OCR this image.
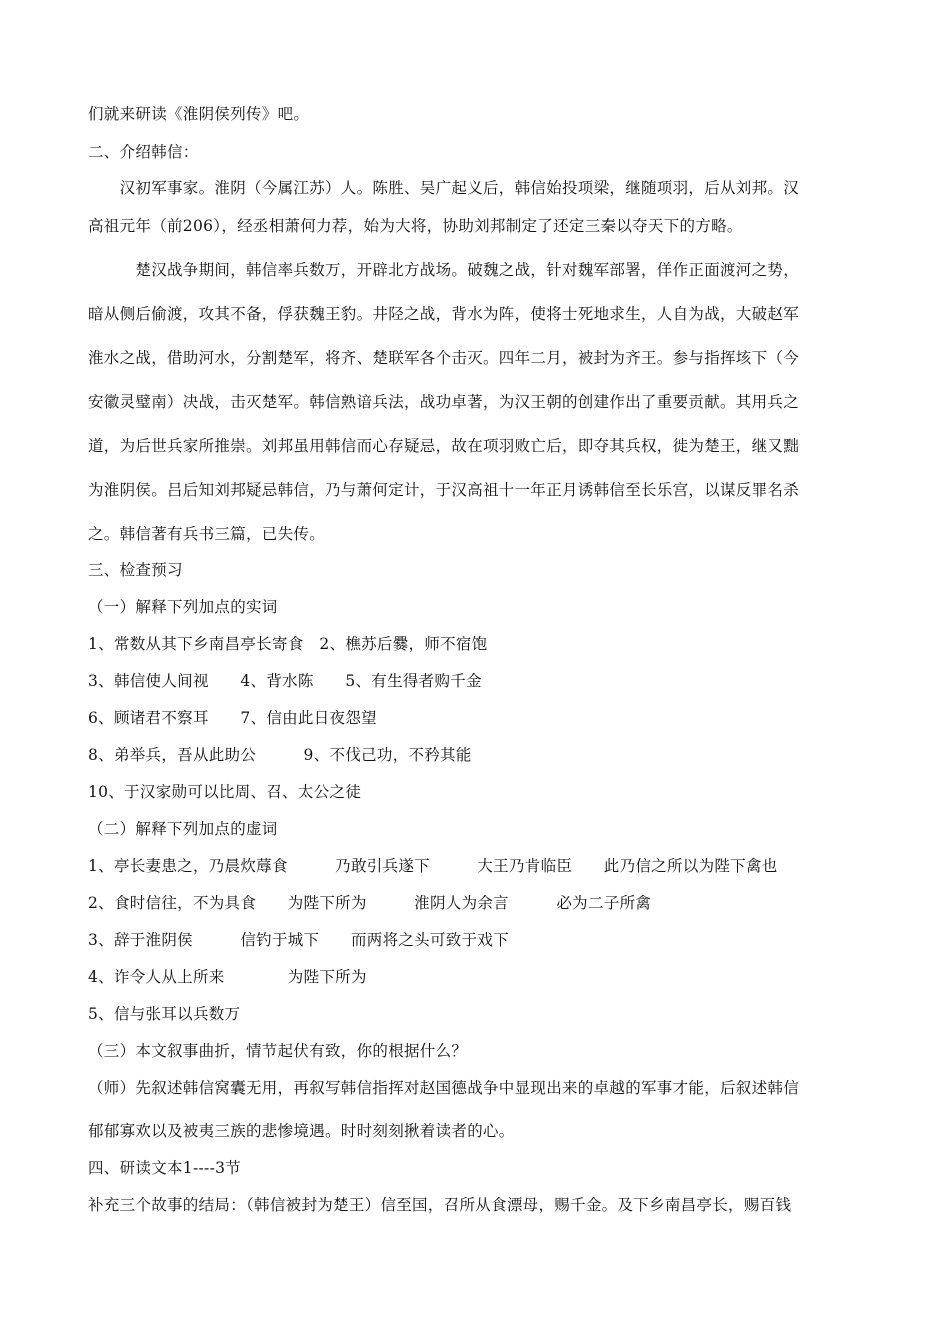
们就来研读《淮阴侯列传》吧。
二、介绍韩信：
　　汉初军事家。淮阴（今属江苏）人。陈胜、吴广起义后，韩信始投项梁，继随项羽，后从刘邦。汉
高祖元年（前206），经丞相萧何力荐，始为大将，协助刘邦制定了还定三秦以夺天下的方略。
　　　楚汉战争期间，韩信率兵数万，开辟北方战场。破魏之战，针对魏军部署，佯作正面渡河之势，
暗从侧后偷渡，攻其不备，俘获魏王豹。井陉之战，背水为阵，使将士死地求生，人自为战，大破赵军
淮水之战，借助河水，分割楚军，将齐、楚联军各个击灭。四年二月，被封为齐王。参与指挥垓下（今
安徽灵璧南）决战，击灭楚军。韩信熟谙兵法，战功卓著，为汉王朝的创建作出了重要贡献。其用兵之
道，为后世兵家所推崇。刘邦虽用韩信而心存疑忌，故在项羽败亡后，即夺其兵权，徙为楚王，继又黜
为淮阴侯。吕后知刘邦疑忌韩信，乃与萧何定计，于汉高祖十一年正月诱韩信至长乐宫，以谋反罪名杀
之。韩信著有兵书三篇，已失传。
三、检查预习
（一）解释下列加点的实词
1、常数从其下乡南昌亭长寄食　2、樵苏后爨，师不宿饱
3、韩信使人间视　　4、背水陈　　5、有生得者购千金
6、顾诸君不察耳　　7、信由此日夜怨望
8、弟举兵，吾从此助公　　　9、不伐己功，不矜其能
10、于汉家勋可以比周、召、太公之徒
（二）解释下列加点的虚词
1、亭长妻患之，乃晨炊蓐食　　　乃敢引兵遂下　　　大王乃肯临臣　　此乃信之所以为陛下禽也
2、食时信往，不为具食　　为陛下所为　　　淮阴人为余言　　　必为二子所禽
3、辞于淮阴侯　　　信钓于城下　　而两将之头可致于戏下
4、诈令人从上所来　　　　为陛下所为
5、信与张耳以兵数万
（三）本文叙事曲折，情节起伏有致，你的根据什么？
（师）先叙述韩信窝囊无用，再叙写韩信指挥对赵国德战争中显现出来的卓越的军事才能，后叙述韩信
郁郁寡欢以及被夷三族的悲惨境遇。时时刻刻揪着读者的心。
四、研读文本1----3节
补充三个故事的结局：（韩信被封为楚王）信至国，召所从食漂母，赐千金。及下乡南昌亭长，赐百钱
